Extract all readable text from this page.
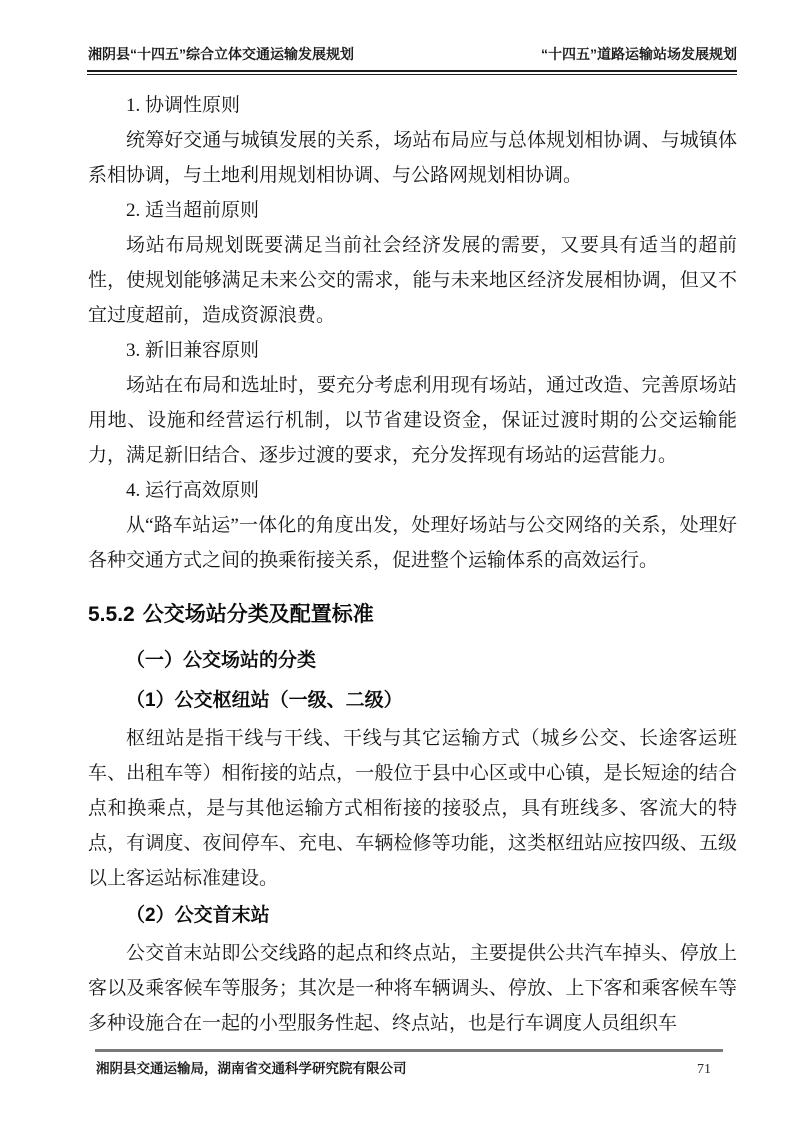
湘阴县“十四五”综合立体交通运输发展规划	“十四五”道路运输站场发展规划

1. 协调性原则

统筹好交通与城镇发展的关系，场站布局应与总体规划相协调、与城镇体系相协调，与土地利用规划相协调、与公路网规划相协调。

2. 适当超前原则

场站布局规划既要满足当前社会经济发展的需要，又要具有适当的超前性，使规划能够满足未来公交的需求，能与未来地区经济发展相协调，但又不宜过度超前，造成资源浪费。

3. 新旧兼容原则

场站在布局和选址时，要充分考虑利用现有场站，通过改造、完善原场站用地、设施和经营运行机制，以节省建设资金，保证过渡时期的公交运输能力，满足新旧结合、逐步过渡的要求，充分发挥现有场站的运营能力。

4. 运行高效原则

从“路车站运”一体化的角度出发，处理好场站与公交网络的关系，处理好各种交通方式之间的换乘衔接关系，促进整个运输体系的高效运行。

5.5.2 公交场站分类及配置标准
（一）公交场站的分类
（1）公交枢纽站（一级、二级）

枢纽站是指干线与干线、干线与其它运输方式（城乡公交、长途客运班车、出租车等）相衔接的站点，一般位于县中心区或中心镇，是长短途的结合点和换乘点，是与其他运输方式相衔接的接驳点，具有班线多、客流大的特点，有调度、夜间停车、充电、车辆检修等功能，这类枢纽站应按四级、五级以上客运站标准建设。

（2）公交首末站

公交首末站即公交线路的起点和终点站，主要提供公共汽车掉头、停放上客以及乘客候车等服务；其次是一种将车辆调头、停放、上下客和乘客候车等多种设施合在一起的小型服务性起、终点站，也是行车调度人员组织车

湘阴县交通运输局，湖南省交通科学研究院有限公司	71
